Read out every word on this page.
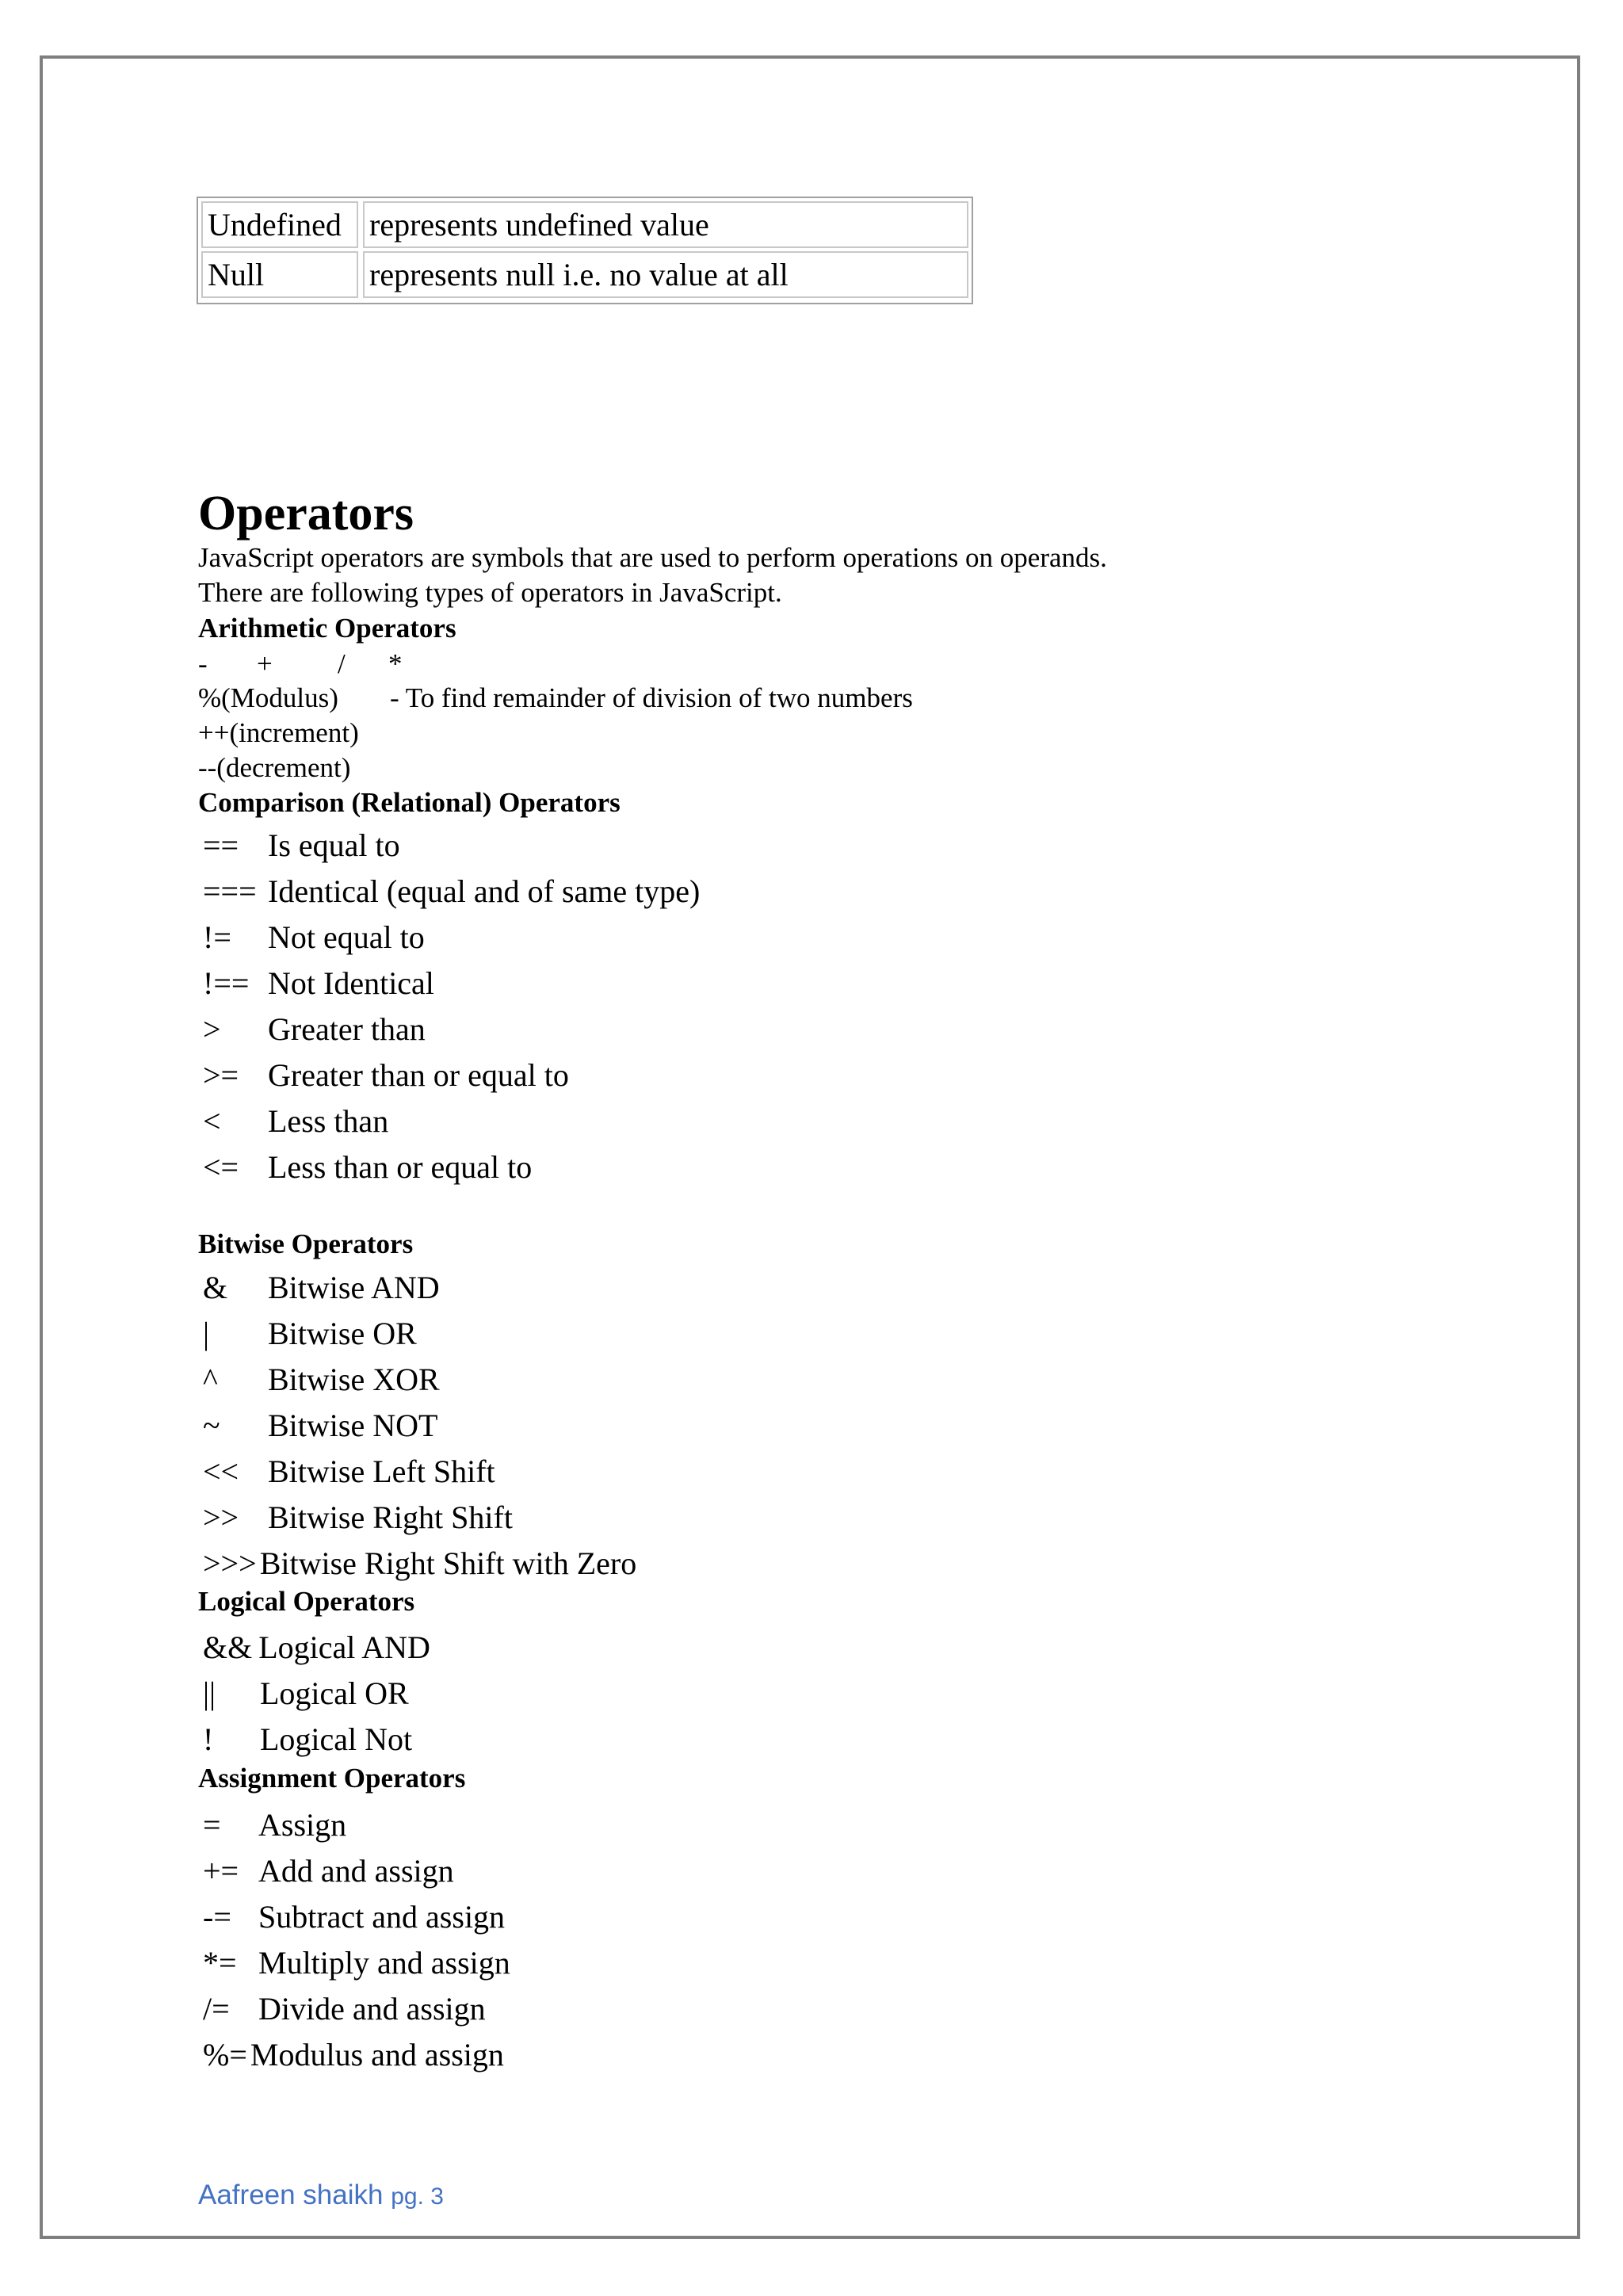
Undefined represents undefined value
Null	represents null i.e. no value at all
Operators

JavaScript operators are symbols that are used to perform operations on operands.

There are following types of operators in JavaScript.

Arithmetic Operators

- + / *
%(Modulus) - To find remainder of division of two numbers
++(increment)
--(decrement)

Comparison (Relational) Operators

== Is equal to
=== Identical (equal and of same type)
!=	Not equal to
!== Not Identical
>	Greater than
>= Greater than or equal to
<	Less than
<= Less than or equal to

Bitwise Operators

&	Bitwise AND
|	Bitwise OR
^	Bitwise XOR
~	Bitwise NOT
<< Bitwise Left Shift
>> Bitwise Right Shift
>>> Bitwise Right Shift with Zero

Logical Operators

&& Logical AND
||	Logical OR
!	Logical Not

Assignment Operators

=	Assign
+= Add and assign
-= Subtract and assign
*= Multiply and assign
/= Divide and assign
%= Modulus and assign
Aafreen shaikh pg. 3
